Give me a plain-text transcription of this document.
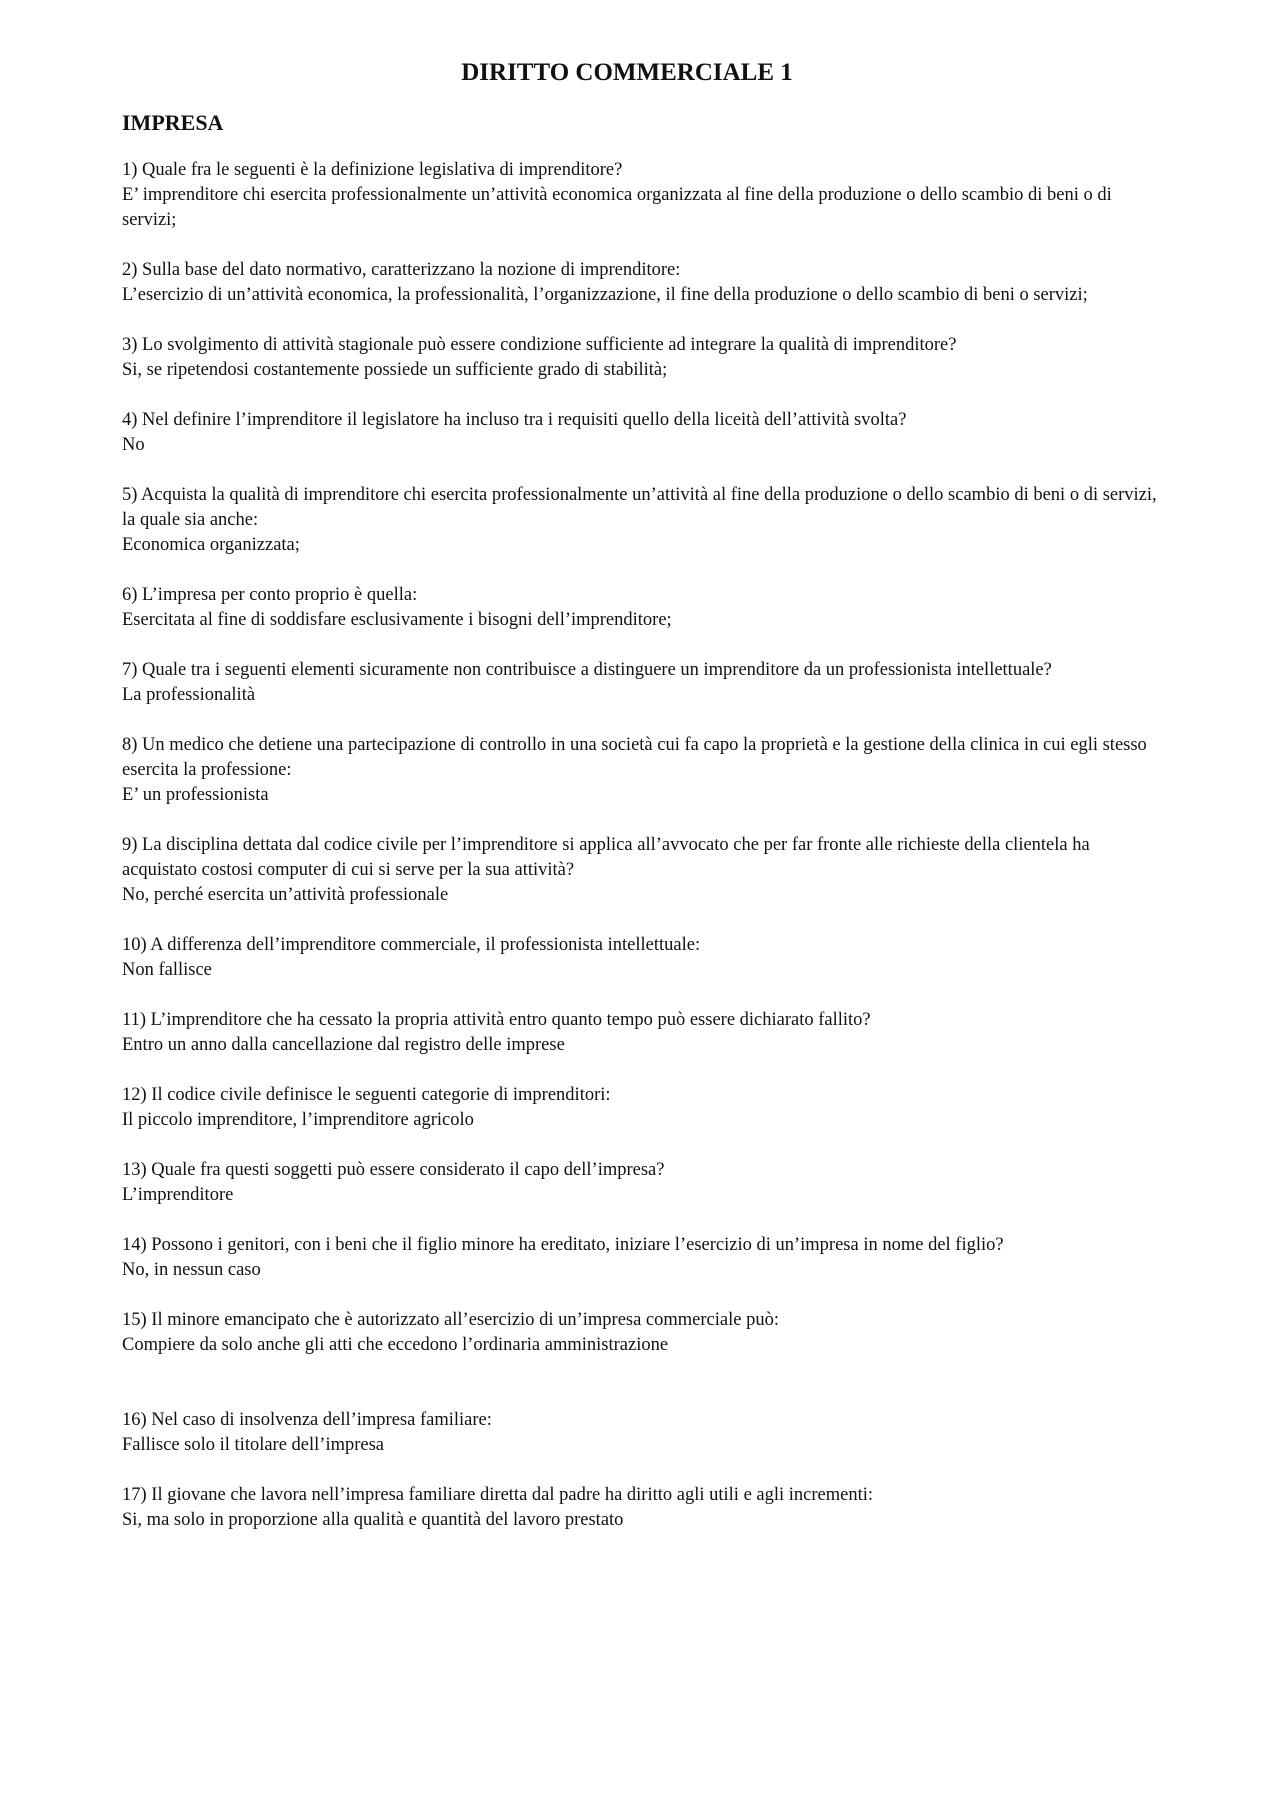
DIRITTO COMMERCIALE 1
IMPRESA
1) Quale fra le seguenti è la definizione legislativa di imprenditore?
E’ imprenditore chi esercita professionalmente un’attività economica organizzata al fine della produzione o dello scambio di beni o di servizi;
2) Sulla base del dato normativo, caratterizzano la nozione di imprenditore:
L’esercizio di un’attività economica, la professionalità, l’organizzazione, il fine della produzione o dello scambio di beni o servizi;
3) Lo svolgimento di attività stagionale può essere condizione sufficiente ad integrare la qualità di imprenditore?
Si, se ripetendosi costantemente possiede un sufficiente grado di stabilità;
4) Nel definire l’imprenditore il legislatore ha incluso tra i requisiti quello della liceità dell’attività svolta?
No
5) Acquista la qualità di imprenditore chi esercita professionalmente un’attività al fine della produzione o dello scambio di beni o di servizi, la quale sia anche:
Economica organizzata;
6) L’impresa per conto proprio è quella:
Esercitata al fine di soddisfare esclusivamente i bisogni dell’imprenditore;
7) Quale tra i seguenti elementi sicuramente non contribuisce a distinguere un imprenditore da un professionista intellettuale?
La professionalità
8) Un medico che detiene una partecipazione di controllo in una società cui fa capo la proprietà e la gestione della clinica in cui egli stesso esercita la professione:
E’ un professionista
9) La disciplina dettata dal codice civile per l’imprenditore si applica all’avvocato che per far fronte alle richieste della clientela ha acquistato costosi computer di cui si serve per la sua attività?
No, perché esercita un’attività professionale
10) A differenza dell’imprenditore commerciale, il professionista intellettuale:
Non fallisce
11) L’imprenditore che ha cessato la propria attività entro quanto tempo può essere dichiarato fallito?
Entro un anno dalla cancellazione dal registro delle imprese
12) Il codice civile definisce le seguenti categorie di imprenditori:
Il piccolo imprenditore, l’imprenditore agricolo
13) Quale fra questi soggetti può essere considerato il capo dell’impresa?
L’imprenditore
14) Possono i genitori, con i beni che il figlio minore ha ereditato, iniziare l’esercizio di un’impresa in nome del figlio?
No, in nessun caso
15) Il minore emancipato che è autorizzato all’esercizio di un’impresa commerciale può:
Compiere da solo anche gli atti che eccedono l’ordinaria amministrazione
16) Nel caso di insolvenza dell’impresa familiare:
Fallisce solo il titolare dell’impresa
17) Il giovane che lavora nell’impresa familiare diretta dal padre ha diritto agli utili e agli incrementi:
Si, ma solo in proporzione alla qualità e quantità del lavoro prestato
